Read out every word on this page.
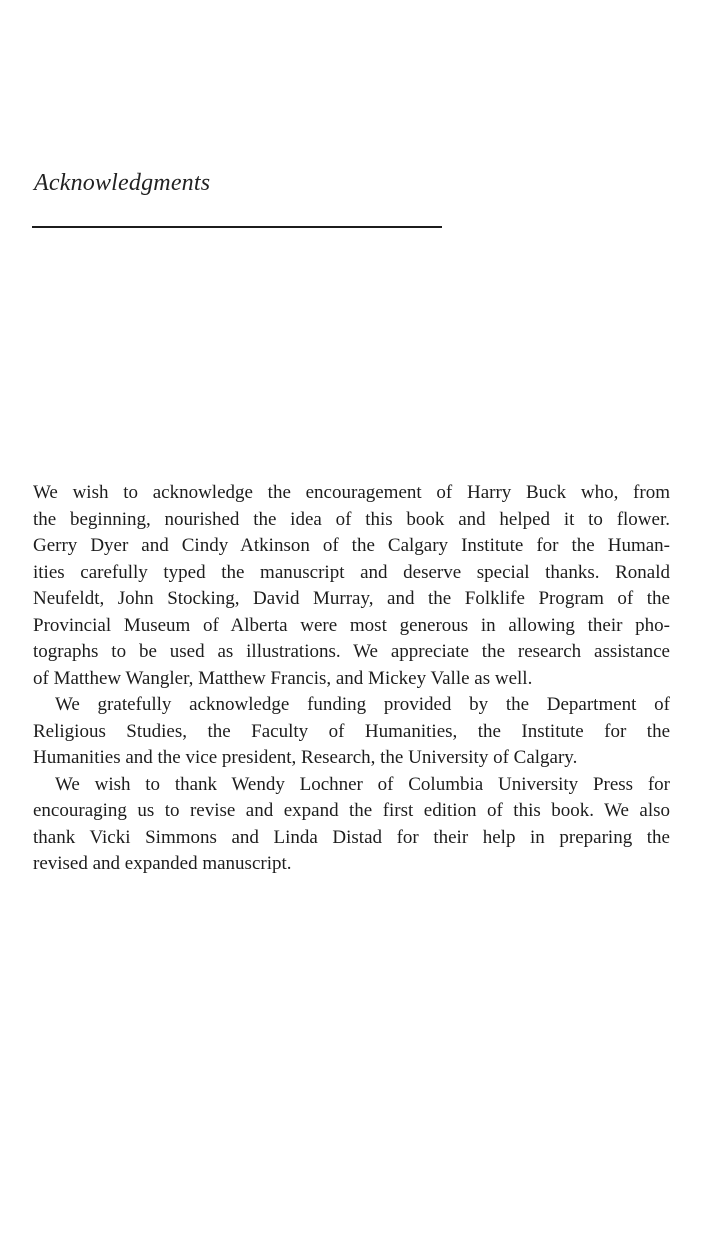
Acknowledgments
We wish to acknowledge the encouragement of Harry Buck who, from
the beginning, nourished the idea of this book and helped it to flower.
Gerry Dyer and Cindy Atkinson of the Calgary Institute for the Human-
ities carefully typed the manuscript and deserve special thanks. Ronald
Neufeldt, John Stocking, David Murray, and the Folklife Program of the
Provincial Museum of Alberta were most generous in allowing their pho-
tographs to be used as illustrations. We appreciate the research assistance
of Matthew Wangler, Matthew Francis, and Mickey Valle as well.
We gratefully acknowledge funding provided by the Department of
Religious Studies, the Faculty of Humanities, the Institute for the
Humanities and the vice president, Research, the University of Calgary.
We wish to thank Wendy Lochner of Columbia University Press for
encouraging us to revise and expand the first edition of this book. We also
thank Vicki Simmons and Linda Distad for their help in preparing the
revised and expanded manuscript.
